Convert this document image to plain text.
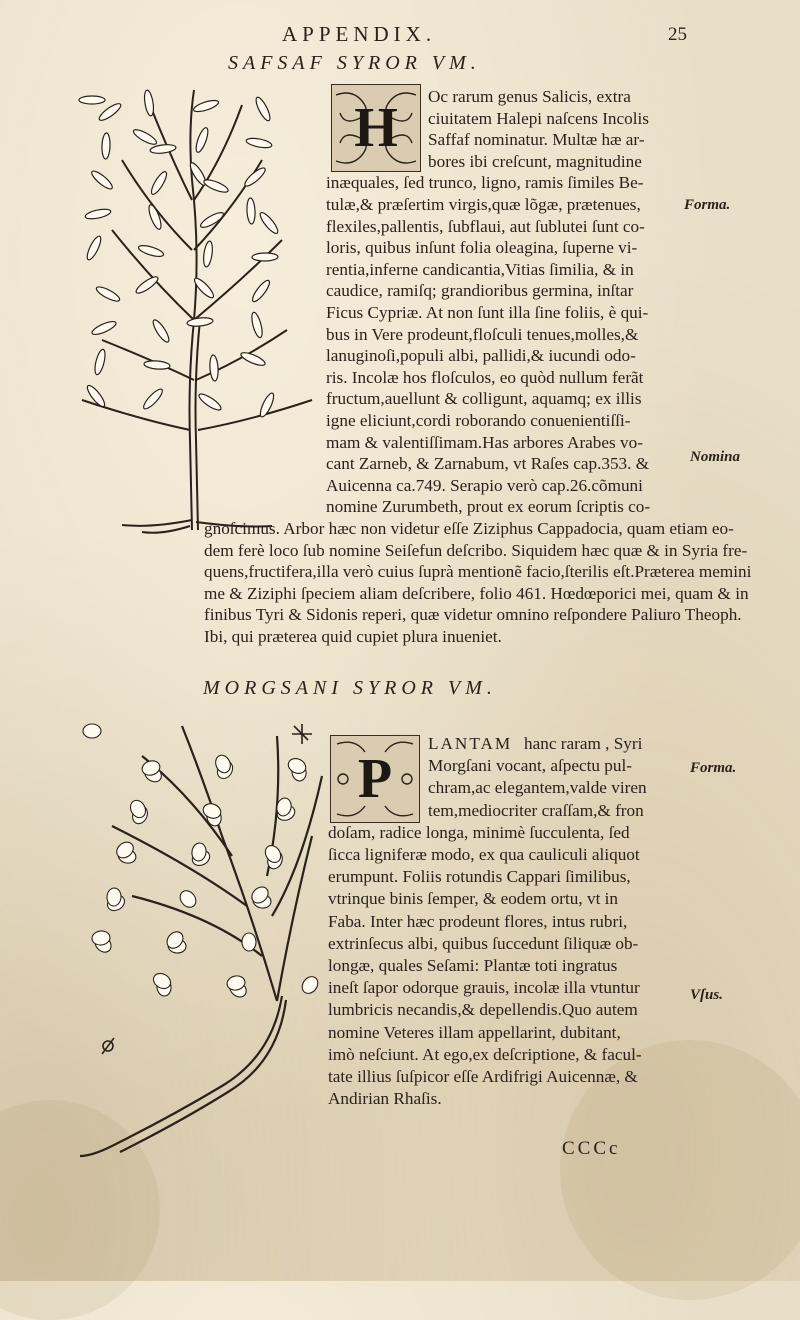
APPENDIX.	25
SAFSAF SYROR VM.
H
Oc rarum genus Salicis, extra
ciuitatem Halepi naſcens Incolis
Saffaf nominatur. Multæ hæ ar-
bores ibi creſcunt, magnitudine
inæquales, ſed trunco, ligno, ramis ſimiles Be-
tulæ,& præſertim virgis,quæ lõgæ, prætenues,
flexiles,pallentis, ſubflaui, aut ſublutei ſunt co-
loris, quibus inſunt folia oleagina, ſuperne vi-
rentia,inferne candicantia,Vitias ſimilia, & in
caudice, ramiſq; grandioribus germina, inſtar
Ficus Cypriæ. At non ſunt illa ſine foliis, è qui-
bus in Vere prodeunt,floſculi tenues,molles,&
lanuginoſi,populi albi, pallidi,& iucundi odo-
ris. Incolæ hos floſculos, eo quòd nullum ferãt
fructum,auellunt & colligunt, aquamq; ex illis
igne eliciunt,cordi roborando conuenientiſſi-
mam & valentiſſimam.Has arbores Arabes vo-
cant Zarneb, & Zarnabum, vt Raſes cap.353. &
Auicenna ca.749. Serapio verò cap.26.cõmuni
nomine Zurumbeth, prout ex eorum ſcriptis co-
gnoſcimus. Arbor hæc non videtur eſſe Ziziphus Cappadocia, quam etiam eo-
dem ferè loco ſub nomine Seiſefun deſcribo. Siquidem hæc quæ & in Syria fre-
quens,fructifera,illa verò cuius ſuprà mentionẽ facio,ſterilis eſt.Præterea memini
me & Ziziphi ſpeciem aliam deſcribere, folio 461. Hœdœporici mei, quam & in
finibus Tyri & Sidonis reperi, quæ videtur omnino reſpondere Paliuro Theoph.
Ibi, qui præterea quid cupiet plura inueniet.
Forma.
Nomina
MORGSANI SYROR VM.
P
LANTAM hanc raram , Syri
Morgſani vocant, aſpectu pul-
chram,ac elegantem,valde viren
tem,mediocriter craſſam,& fron
doſam, radice longa, minimè ſucculenta, ſed
ſicca ligniferæ modo, ex qua cauliculi aliquot
erumpunt. Foliis rotundis Cappari ſimilibus,
vtrinque binis ſemper, & eodem ortu, vt in
Faba. Inter hæc prodeunt flores, intus rubri,
extrinſecus albi, quibus ſuccedunt ſiliquæ ob-
longæ, quales Seſami: Plantæ toti ingratus
ineſt ſapor odorque grauis, incolæ illa vtuntur
lumbricis necandis,& depellendis.Quo autem
nomine Veteres illam appellarint, dubitant,
imò neſciunt. At ego,ex deſcriptione, & facul-
tate illius ſuſpicor eſſe Ardifrigi Auicennæ, &
Andirian Rhaſis.
Forma.
Vſus.
CCCc
